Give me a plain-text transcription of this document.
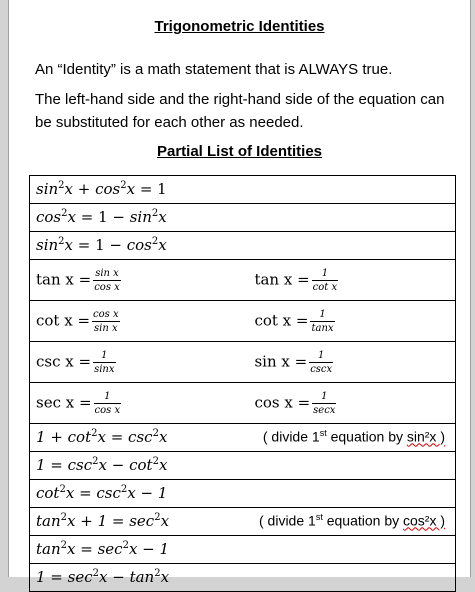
Trigonometric Identities
An “Identity” is a math statement that is ALWAYS true.
The left-hand side and the right-hand side of the equation can be substituted for each other as needed.
Partial List of Identities
$\sin^2x + \cos^2x = 1$
$\cos^2x = 1 - \sin^2x$
$\sin^2x = 1 - \cos^2x$
$\tan x = \frac{\text{sin x}}{\text{cos x}}$	$\tan x = \frac{1}{\text{cot x}}$

$\cot x = \frac{\text{cos x}}{\text{sin x}}$	$\cot x = \frac{1}{\tan x}$

$\csc x = \frac{1}{\sin x}$	$\sin x = \frac{1}{\csc x}$

$\sec x = \frac{1}{\text{cos x}}$	$\cos x = \frac{1}{\sec x}$

$1 + \cot^2x = \csc^2x$	( divide 1st equation by sin²x )

$1 = \csc^2x - \cot^2x$
$\cot^2x = \csc^2x - 1$
$\tan^2x + 1 = \sec^2x$	( divide 1st equation by cos²x )

$\tan^2x = \sec^2x - 1$
$1 = \sec^2x - \tan^2x$
